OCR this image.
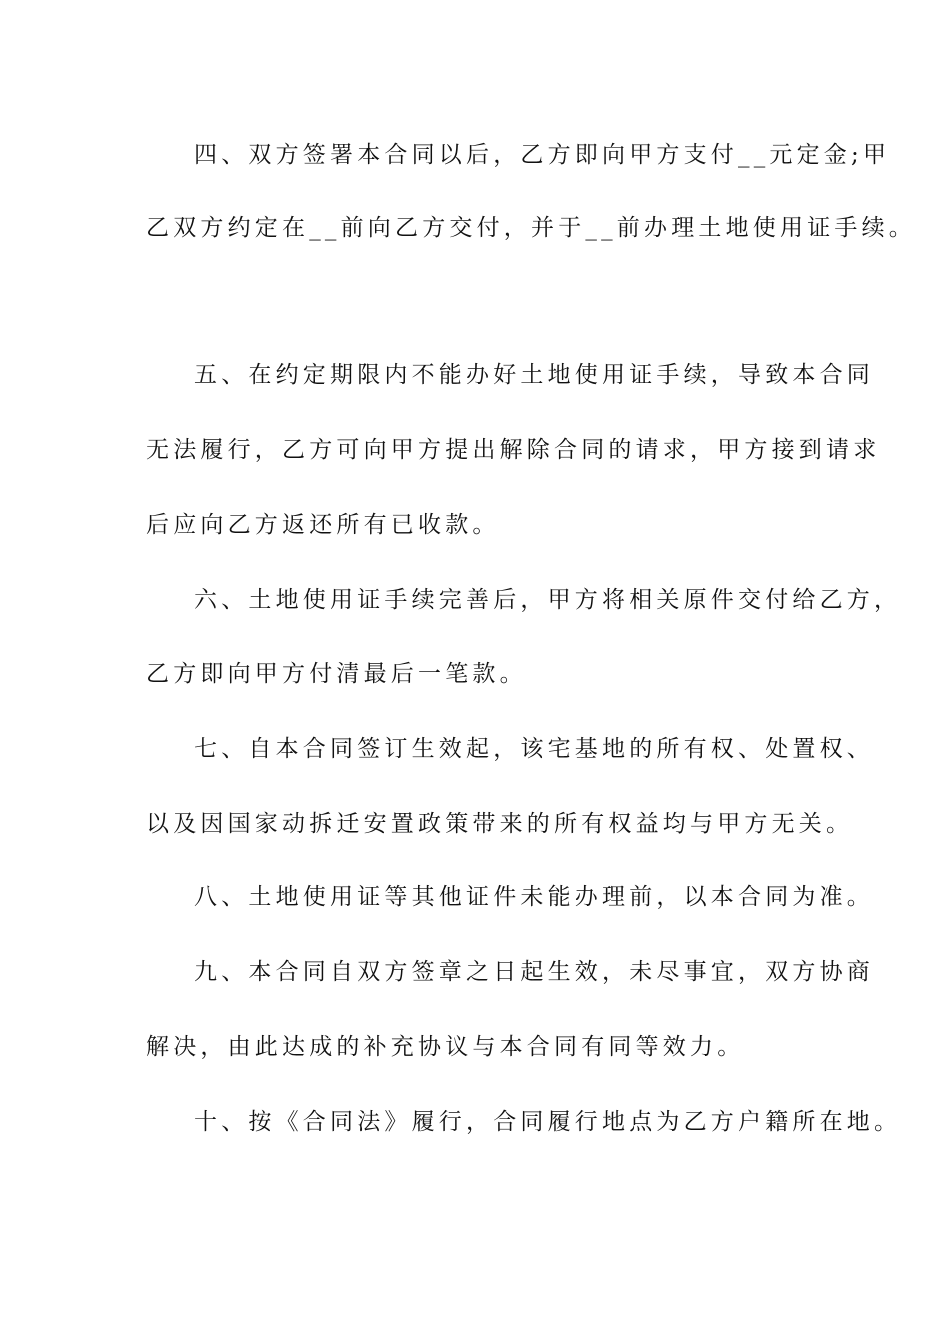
四、双方签署本合同以后，乙方即向甲方支付__元定金;甲
乙双方约定在__前向乙方交付，并于__前办理土地使用证手续。
五、在约定期限内不能办好土地使用证手续，导致本合同
无法履行，乙方可向甲方提出解除合同的请求，甲方接到请求
后应向乙方返还所有已收款。
六、土地使用证手续完善后，甲方将相关原件交付给乙方，
乙方即向甲方付清最后一笔款。
七、自本合同签订生效起，该宅基地的所有权、处置权、
以及因国家动拆迁安置政策带来的所有权益均与甲方无关。
八、土地使用证等其他证件未能办理前，以本合同为准。
九、本合同自双方签章之日起生效，未尽事宜，双方协商
解决，由此达成的补充协议与本合同有同等效力。
十、按《合同法》履行，合同履行地点为乙方户籍所在地。
